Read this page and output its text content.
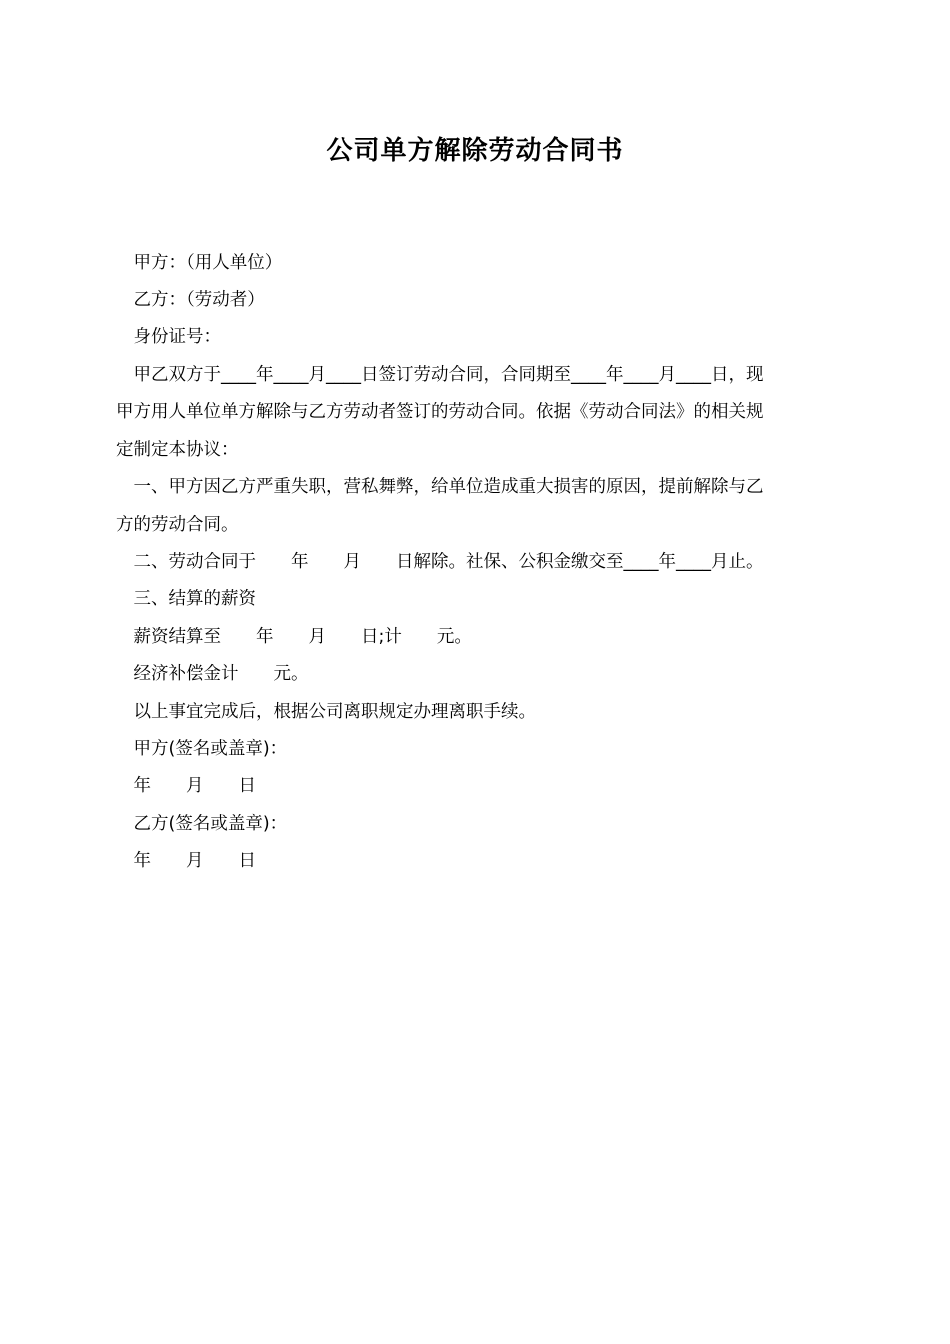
公司单方解除劳动合同书

　甲方：（用人单位）

　乙方：（劳动者）

　身份证号：

　甲乙双方于____年____月____日签订劳动合同，合同期至____年____月____日，现

甲方用人单位单方解除与乙方劳动者签订的劳动合同。依据《劳动合同法》的相关规

定制定本协议：

　一、甲方因乙方严重失职，营私舞弊，给单位造成重大损害的原因，提前解除与乙

方的劳动合同。

　二、劳动合同于　　年　　月　　日解除。社保、公积金缴交至____年____月止。

　三、结算的薪资

　薪资结算至　　年　　月　　日;计　　元。

　经济补偿金计　　元。

　以上事宜完成后，根据公司离职规定办理离职手续。

　甲方(签名或盖章)：

　年　　月　　日

　乙方(签名或盖章)：

　年　　月　　日
